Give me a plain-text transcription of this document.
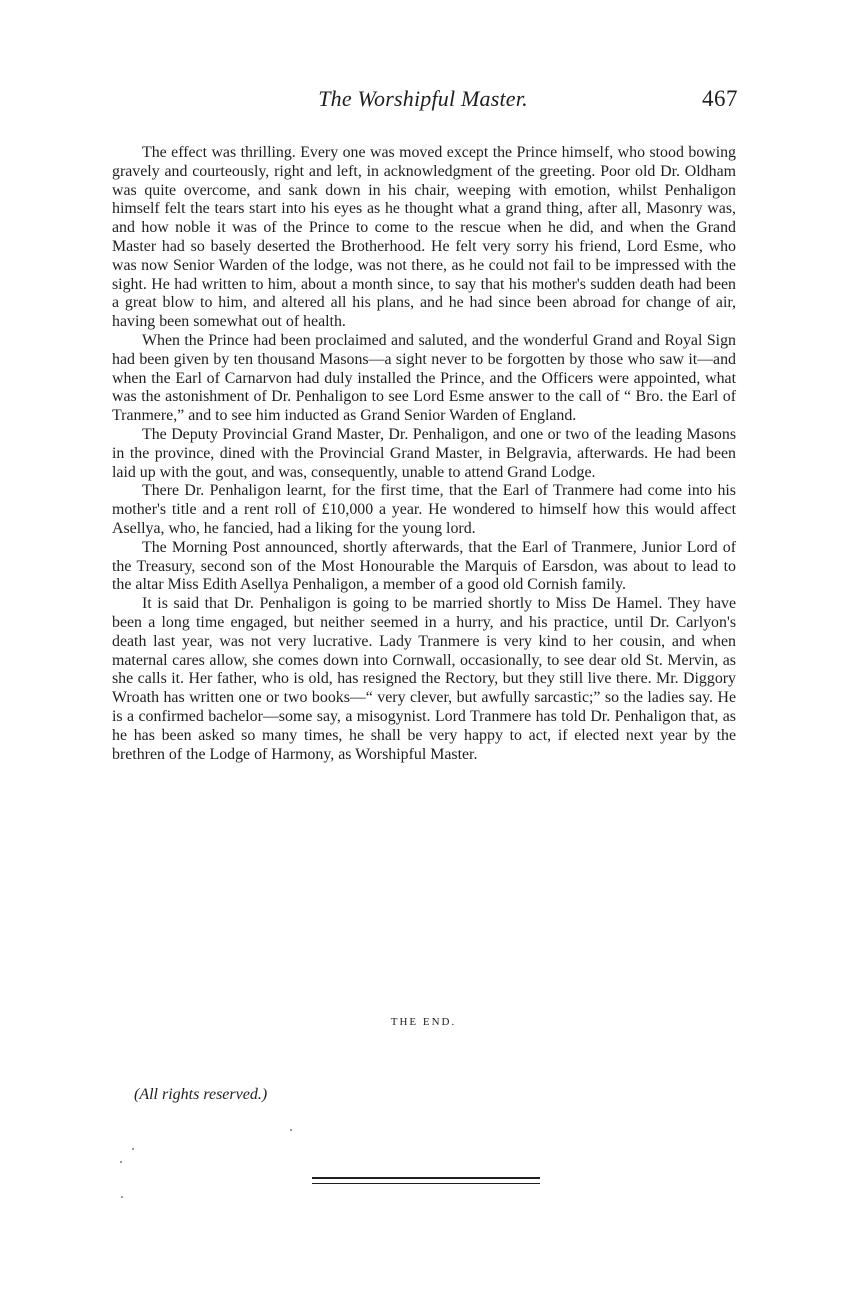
The Worshipful Master.	467

The effect was thrilling. Every one was moved except the Prince himself, who stood bowing gravely and courteously, right and left, in acknowledgment of the greeting. Poor old Dr. Oldham was quite overcome, and sank down in his chair, weeping with emotion, whilst Penhaligon himself felt the tears start into his eyes as he thought what a grand thing, after all, Masonry was, and how noble it was of the Prince to come to the rescue when he did, and when the Grand Master had so basely deserted the Brotherhood. He felt very sorry his friend, Lord Esme, who was now Senior Warden of the lodge, was not there, as he could not fail to be impressed with the sight. He had written to him, about a month since, to say that his mother's sudden death had been a great blow to him, and altered all his plans, and he had since been abroad for change of air, having been somewhat out of health.

When the Prince had been proclaimed and saluted, and the wonderful Grand and Royal Sign had been given by ten thousand Masons—a sight never to be forgotten by those who saw it—and when the Earl of Carnarvon had duly installed the Prince, and the Officers were appointed, what was the astonishment of Dr. Penhaligon to see Lord Esme answer to the call of “ Bro. the Earl of Tranmere,” and to see him inducted as Grand Senior Warden of England.

The Deputy Provincial Grand Master, Dr. Penhaligon, and one or two of the leading Masons in the province, dined with the Provincial Grand Master, in Belgravia, afterwards. He had been laid up with the gout, and was, consequently, unable to attend Grand Lodge.

There Dr. Penhaligon learnt, for the first time, that the Earl of Tranmere had come into his mother's title and a rent roll of £10,000 a year. He wondered to himself how this would affect Asellya, who, he fancied, had a liking for the young lord.

The Morning Post announced, shortly afterwards, that the Earl of Tranmere, Junior Lord of the Treasury, second son of the Most Honourable the Marquis of Earsdon, was about to lead to the altar Miss Edith Asellya Penhaligon, a member of a good old Cornish family.

It is said that Dr. Penhaligon is going to be married shortly to Miss De Hamel. They have been a long time engaged, but neither seemed in a hurry, and his practice, until Dr. Carlyon's death last year, was not very lucrative. Lady Tranmere is very kind to her cousin, and when maternal cares allow, she comes down into Cornwall, occasionally, to see dear old St. Mervin, as she calls it. Her father, who is old, has resigned the Rectory, but they still live there. Mr. Diggory Wroath has written one or two books—“ very clever, but awfully sarcastic;” so the ladies say. He is a confirmed bachelor—some say, a misogynist. Lord Tranmere has told Dr. Penhaligon that, as he has been asked so many times, he shall be very happy to act, if elected next year by the brethren of the Lodge of Harmony, as Worshipful Master.

THE END.
(All rights reserved.)
